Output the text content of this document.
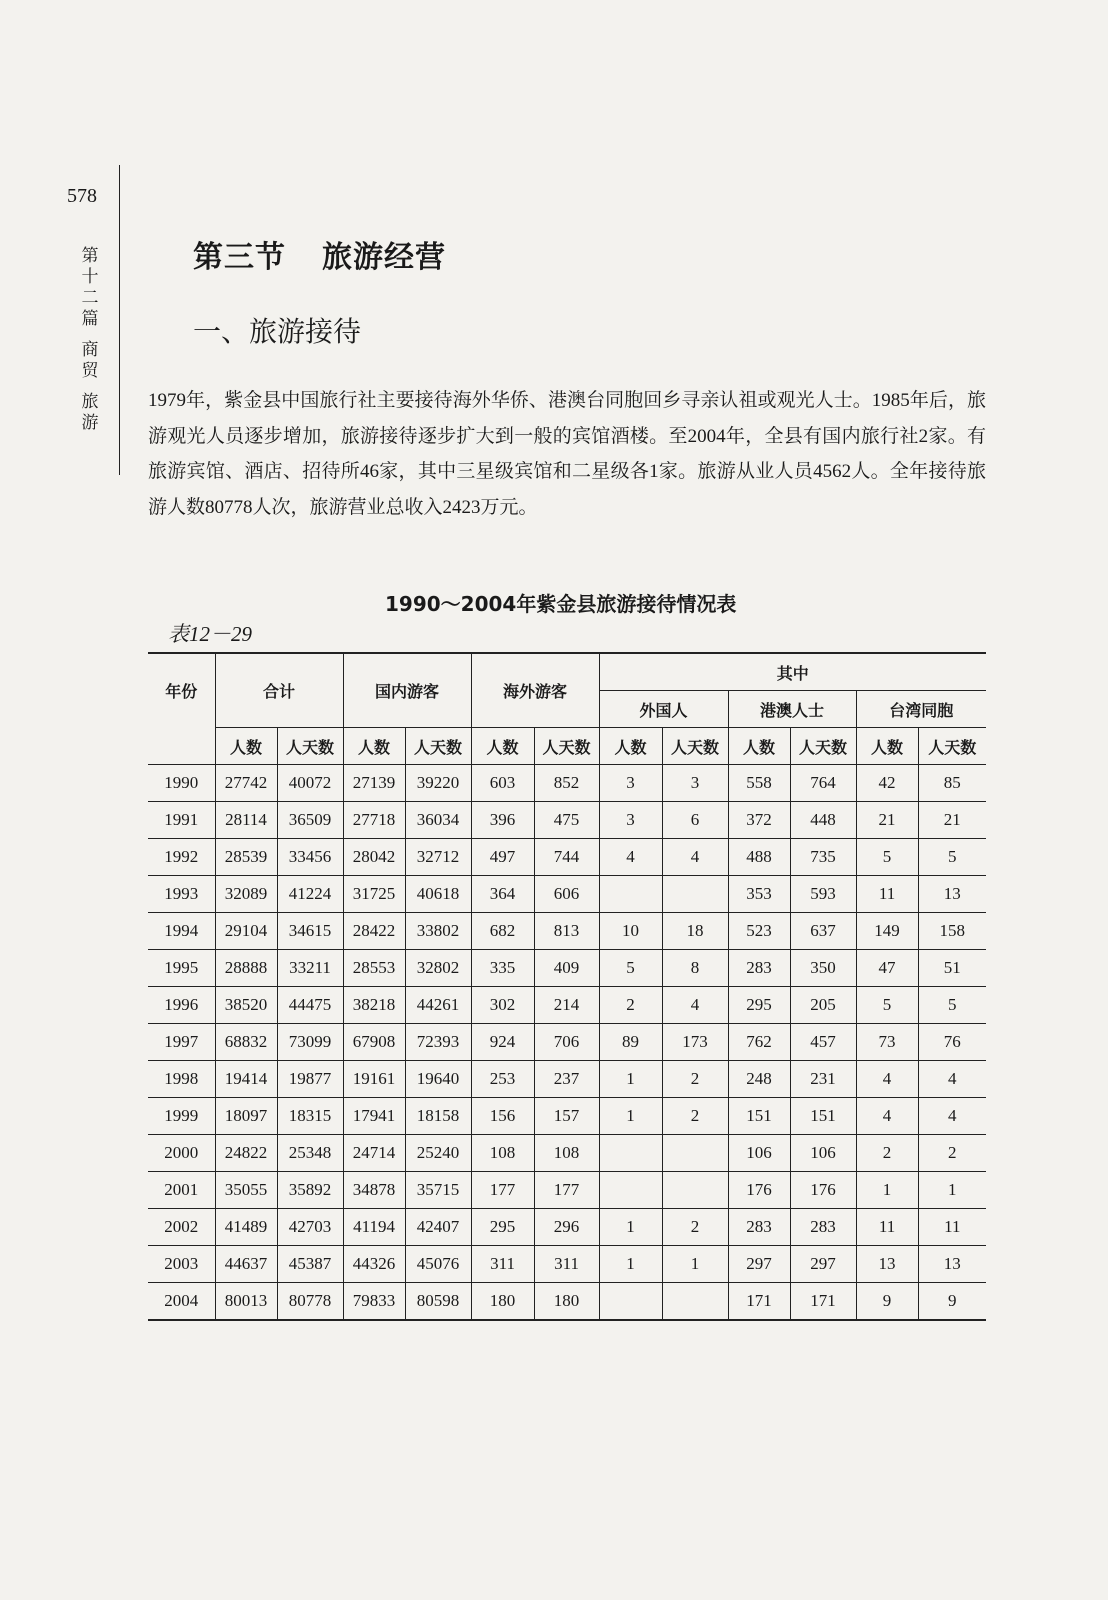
578
第
十
二
篇
商
贸
旅
游
第三节 旅游经营
一、旅游接待
1979年，紫金县中国旅行社主要接待海外华侨、港澳台同胞回乡寻亲认祖或观光人士。1985年后，旅游观光人员逐步增加，旅游接待逐步扩大到一般的宾馆酒楼。至2004年，全县有国内旅行社2家。有旅游宾馆、酒店、招待所46家，其中三星级宾馆和二星级各1家。旅游从业人员4562人。全年接待旅游人数80778人次，旅游营业总收入2423万元。
1990～2004年紫金县旅游接待情况表
表12－29
年份	合计		国内游客		海外游客		其中					
							外国人		港澳人士		台湾同胞	
	人数	人天数	人数	人天数	人数	人天数	人数	人天数	人数	人天数	人数	人天数
1990	27742	40072	27139	39220	603	852	3	3	558	764	42	85
1991	28114	36509	27718	36034	396	475	3	6	372	448	21	21
1992	28539	33456	28042	32712	497	744	4	4	488	735	5	5
1993	32089	41224	31725	40618	364	606			353	593	11	13
1994	29104	34615	28422	33802	682	813	10	18	523	637	149	158
1995	28888	33211	28553	32802	335	409	5	8	283	350	47	51
1996	38520	44475	38218	44261	302	214	2	4	295	205	5	5
1997	68832	73099	67908	72393	924	706	89	173	762	457	73	76
1998	19414	19877	19161	19640	253	237	1	2	248	231	4	4
1999	18097	18315	17941	18158	156	157	1	2	151	151	4	4
2000	24822	25348	24714	25240	108	108			106	106	2	2
2001	35055	35892	34878	35715	177	177			176	176	1	1
2002	41489	42703	41194	42407	295	296	1	2	283	283	11	11
2003	44637	45387	44326	45076	311	311	1	1	297	297	13	13
2004	80013	80778	79833	80598	180	180			171	171	9	9
